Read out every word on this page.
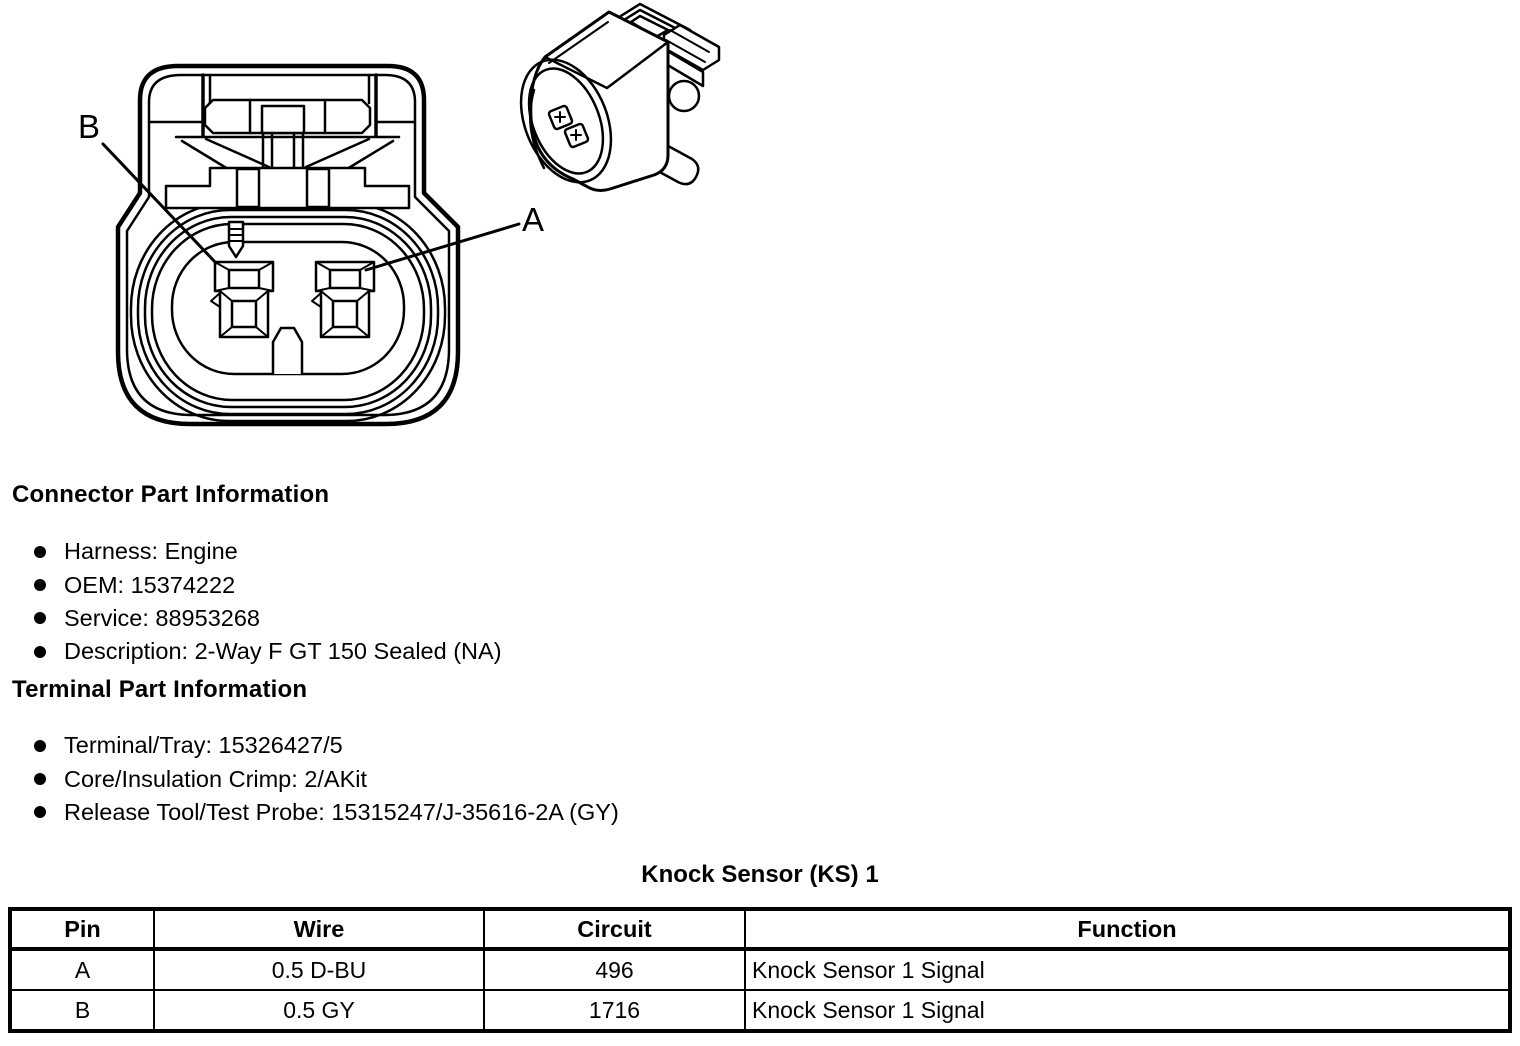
B
A
Connector Part Information
Harness: Engine
OEM: 15374222
Service: 88953268
Description: 2-Way F GT 150 Sealed (NA)
Terminal Part Information
Terminal/Tray: 15326427/5
Core/Insulation Crimp: 2/AKit
Release Tool/Test Probe: 15315247/J-35616-2A (GY)
Knock Sensor (KS) 1
Pin	Wire	Circuit	Function
A	0.5 D-BU	496	Knock Sensor 1 Signal
B	0.5 GY	1716	Knock Sensor 1 Signal
